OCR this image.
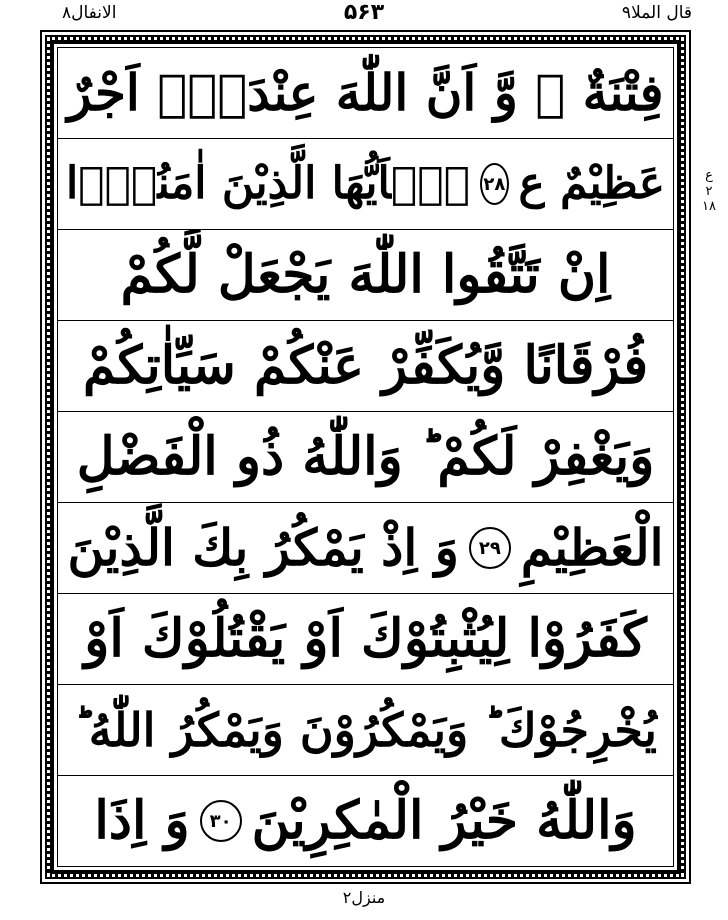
الانفال۸	۵۶۳	قال الملا۹
فِتْنَةٌ ۙ وَّ اَنَّ اللّٰهَ عِنْدَهٗۤ اَجْرٌ
عَظِيْمٌ ع
۲۸
يٰۤاَيُّهَا الَّذِيْنَ اٰمَنُوْۤا
اِنْ تَتَّقُوا اللّٰهَ يَجْعَلْ لَّكُمْ
فُرْقَانًا وَّيُكَفِّرْ عَنْكُمْ سَيِّاٰتِكُمْ
وَيَغْفِرْ لَكُمْ ؕ وَاللّٰهُ ذُو الْفَضْلِ
الْعَظِيْمِ
۲۹
وَ اِذْ يَمْكُرُ بِكَ الَّذِيْنَ
كَفَرُوْا لِيُثْبِتُوْكَ اَوْ يَقْتُلُوْكَ اَوْ
يُخْرِجُوْكَ ؕ وَيَمْكُرُوْنَ وَيَمْكُرُ اللّٰهُ ؕ
وَاللّٰهُ خَيْرُ الْمٰكِرِيْنَ
۳۰
وَ اِذَا
ع
۲
۱۸
منزل۲
